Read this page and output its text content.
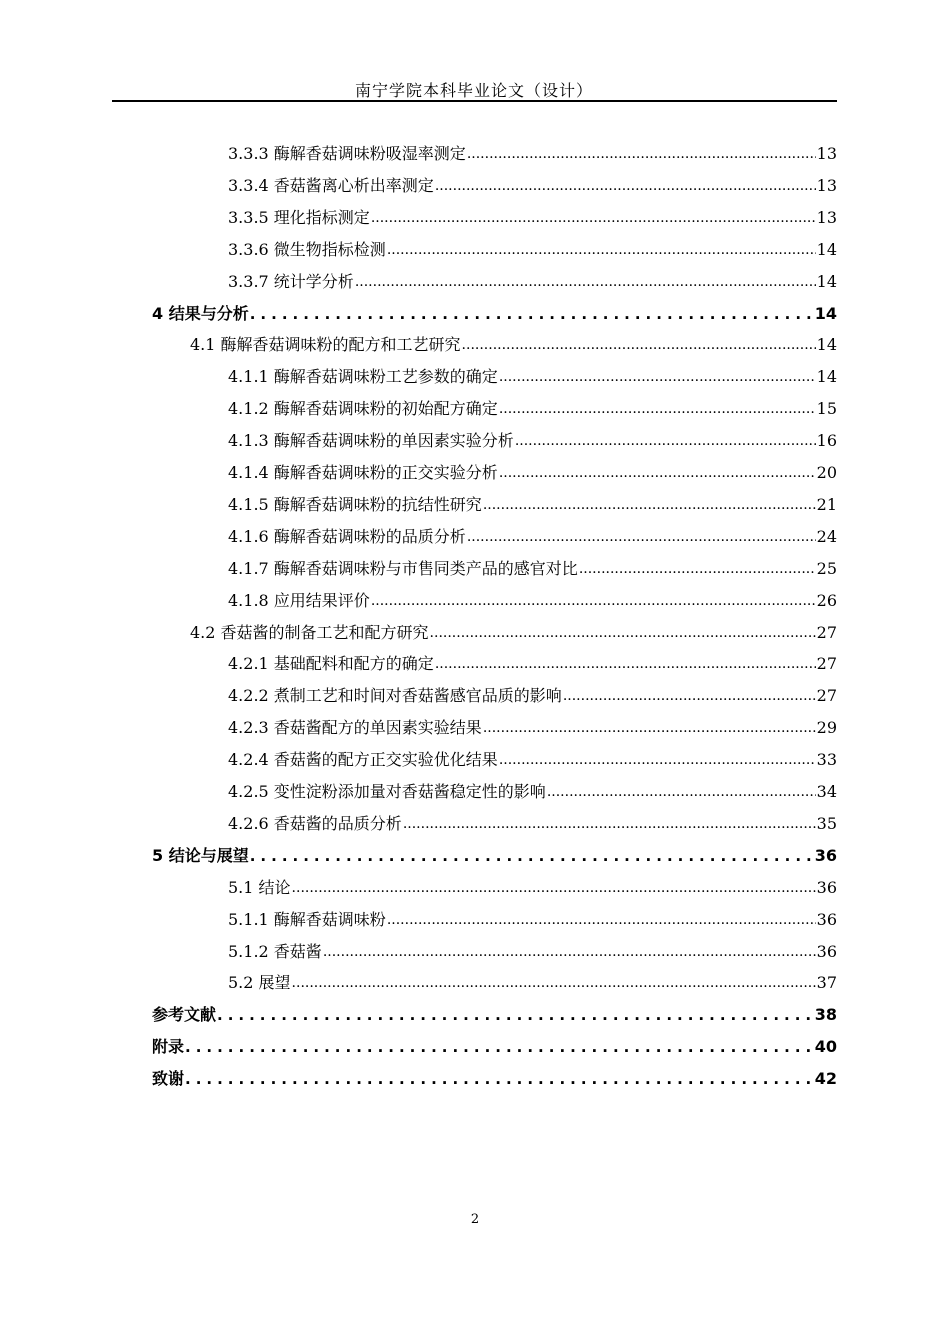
南宁学院本科毕业论文（设计）
3.3.3 酶解香菇调味粉吸湿率测定 .....	13
3.3.4 香菇酱离心析出率测定 .....	13
3.3.5 理化指标测定 .....	13
3.3.6 微生物指标检测 .....	14
3.3.7 统计学分析 .....	14
4 结果与分析 .....	14
4.1 酶解香菇调味粉的配方和工艺研究 .....	14
4.1.1 酶解香菇调味粉工艺参数的确定 .....	14
4.1.2 酶解香菇调味粉的初始配方确定 .....	15
4.1.3 酶解香菇调味粉的单因素实验分析 .....	16
4.1.4 酶解香菇调味粉的正交实验分析 .....	20
4.1.5 酶解香菇调味粉的抗结性研究 .....	21
4.1.6 酶解香菇调味粉的品质分析 .....	24
4.1.7 酶解香菇调味粉与市售同类产品的感官对比 .....	25
4.1.8 应用结果评价 .....	26
4.2 香菇酱的制备工艺和配方研究 .....	27
4.2.1 基础配料和配方的确定 .....	27
4.2.2 煮制工艺和时间对香菇酱感官品质的影响 .....	27
4.2.3 香菇酱配方的单因素实验结果 .....	29
4.2.4 香菇酱的配方正交实验优化结果 .....	33
4.2.5 变性淀粉添加量对香菇酱稳定性的影响 .....	34
4.2.6 香菇酱的品质分析 .....	35
5 结论与展望 .....	36
5.1 结论 .....	36
5.1.1 酶解香菇调味粉 .....	36
5.1.2 香菇酱 .....	36
5.2 展望 .....	37
参考文献 .....	38
附录 .....	40
致谢 .....	42
2
